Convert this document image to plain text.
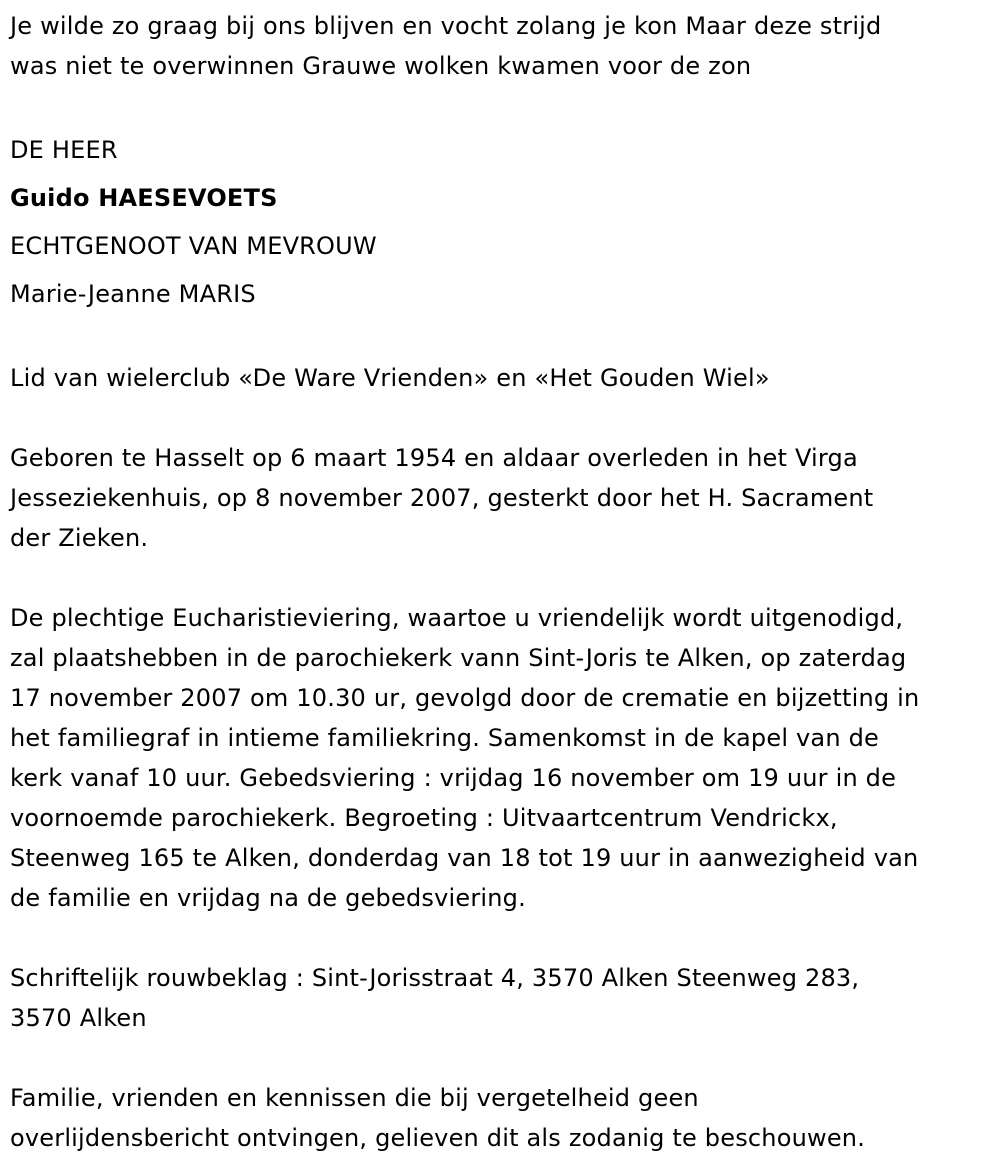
Je wilde zo graag bij ons blijven en vocht zolang je kon Maar deze strijd
was niet te overwinnen Grauwe wolken kwamen voor de zon

DE HEER
Guido HAESEVOETS
ECHTGENOOT VAN MEVROUW
Marie-Jeanne MARIS

Lid van wielerclub «De Ware Vrienden» en «Het Gouden Wiel»

Geboren te Hasselt op 6 maart 1954 en aldaar overleden in het Virga
Jesseziekenhuis, op 8 november 2007, gesterkt door het H. Sacrament
der Zieken.

De plechtige Eucharistieviering, waartoe u vriendelijk wordt uitgenodigd,
zal plaatshebben in de parochiekerk vann Sint-Joris te Alken, op zaterdag
17 november 2007 om 10.30 ur, gevolgd door de crematie en bijzetting in
het familiegraf in intieme familiekring. Samenkomst in de kapel van de
kerk vanaf 10 uur. Gebedsviering : vrijdag 16 november om 19 uur in de
voornoemde parochiekerk. Begroeting : Uitvaartcentrum Vendrickx,
Steenweg 165 te Alken, donderdag van 18 tot 19 uur in aanwezigheid van
de familie en vrijdag na de gebedsviering.

Schriftelijk rouwbeklag : Sint-Jorisstraat 4, 3570 Alken Steenweg 283,
3570 Alken

Familie, vrienden en kennissen die bij vergetelheid geen
overlijdensbericht ontvingen, gelieven dit als zodanig te beschouwen.
